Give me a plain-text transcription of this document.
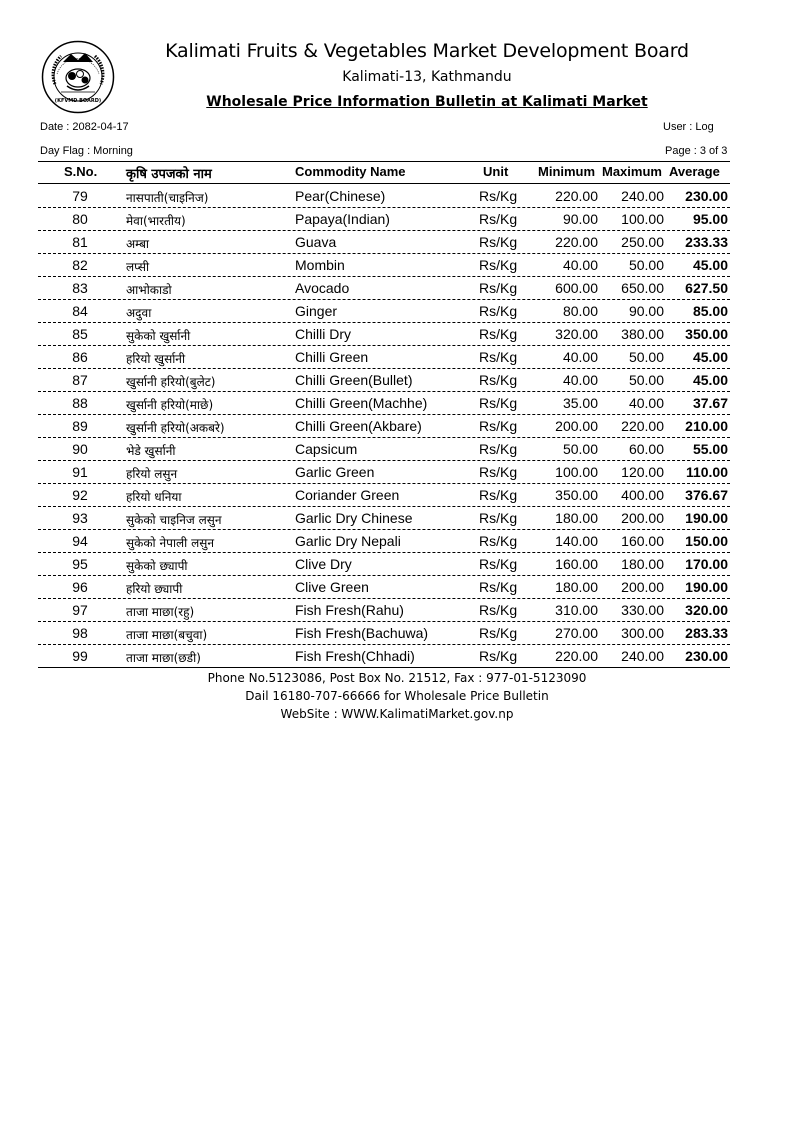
(KFVMD BOARD)
Kalimati Fruits & Vegetables Market Development Board
Kalimati-13, Kathmandu
Wholesale Price Information Bulletin at Kalimati Market
Date : 2082-04-17	User : Log
Day Flag : Morning	Page : 3 of 3
S.No. कृषि उपजको नाम	Commodity Name	Unit Minimum Maximum Average
79	नासपाती(चाइनिज)	Pear(Chinese)	Rs/Kg	220.00	240.00	230.00
80	मेवा(भारतीय)	Papaya(Indian)	Rs/Kg	90.00	100.00	95.00
81	अम्बा	Guava	Rs/Kg	220.00	250.00	233.33
82	लप्सी	Mombin	Rs/Kg	40.00	50.00	45.00
83	आभोकाडो	Avocado	Rs/Kg	600.00	650.00	627.50
84	अदुवा	Ginger	Rs/Kg	80.00	90.00	85.00
85	सुकेको खुर्सानी	Chilli Dry	Rs/Kg	320.00	380.00	350.00
86	हरियो खुर्सानी	Chilli Green	Rs/Kg	40.00	50.00	45.00
87	खुर्सानी हरियो(बुलेट)	Chilli Green(Bullet)	Rs/Kg	40.00	50.00	45.00
88	खुर्सानी हरियो(माछे)	Chilli Green(Machhe)	Rs/Kg	35.00	40.00	37.67
89	खुर्सानी हरियो(अकबरे)	Chilli Green(Akbare)	Rs/Kg	200.00	220.00	210.00
90	भेडे खुर्सानी	Capsicum	Rs/Kg	50.00	60.00	55.00
91	हरियो लसुन	Garlic Green	Rs/Kg	100.00	120.00	110.00
92	हरियो धनिया	Coriander Green	Rs/Kg	350.00	400.00	376.67
93	सुकेको चाइनिज लसुन	Garlic Dry Chinese	Rs/Kg	180.00	200.00	190.00
94	सुकेको नेपाली लसुन	Garlic Dry Nepali	Rs/Kg	140.00	160.00	150.00
95	सुकेको छ्यापी	Clive Dry	Rs/Kg	160.00	180.00	170.00
96	हरियो छ्यापी	Clive Green	Rs/Kg	180.00	200.00	190.00
97	ताजा माछा(रहु)	Fish Fresh(Rahu)	Rs/Kg	310.00	330.00	320.00
98	ताजा माछा(बचुवा)	Fish Fresh(Bachuwa)	Rs/Kg	270.00	300.00	283.33
99	ताजा माछा(छडी)	Fish Fresh(Chhadi)	Rs/Kg	220.00	240.00	230.00
Phone No.5123086, Post Box No. 21512, Fax : 977-01-5123090
Dail 16180-707-66666 for Wholesale Price Bulletin
WebSite : WWW.KalimatiMarket.gov.np
